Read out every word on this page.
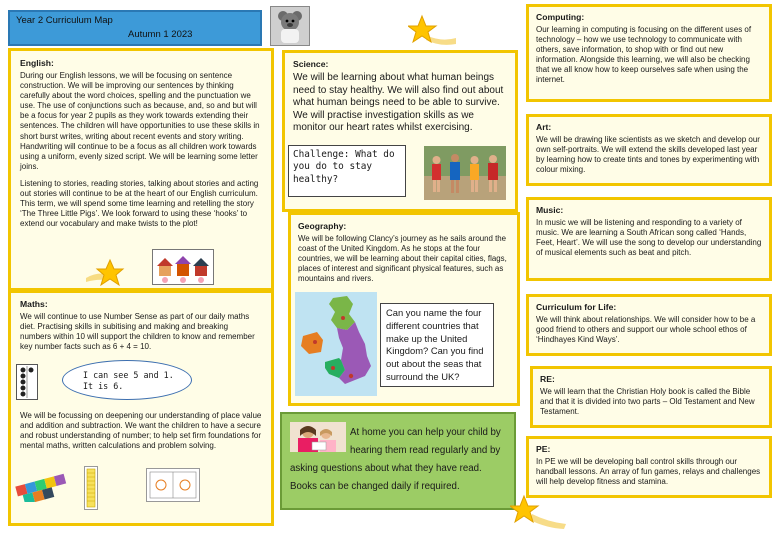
Year 2 Curriculum Map
Autumn 1 2023

English:

During our English lessons, we will be focusing on sentence construction. We will be improving our sentences by thinking carefully about the word choices, spelling and the punctuation we use. The use of conjunctions such as because, and, so and but will be a focus for year 2 pupils as they work towards extending their sentences. The children will have opportunities to use these skills in short burst writes, writing about recent events and story writing. Handwriting will continue to be a focus as all children work towards using a uniform, evenly sized script. We will be learning some letter joins.

Listening to stories, reading stories, talking about stories and acting out stories will continue to be at the heart of our English curriculum. This term, we will spend some time learning and retelling the story ‘The Three Little Pigs’. We look forward to using these ‘hooks’ to extend our vocabulary and make twists to the plot!

Maths:

We will continue to use Number Sense as part of our daily maths diet. Practising skills in subitising and making and breaking numbers within 10 will support the children to know and remember key number facts such as 6 + 4 = 10.

We will be focussing on deepening our understanding of place value and addition and subtraction. We want the children to have a secure and robust understanding of number; to help set firm foundations for mental maths, written calculations and problem solving.

I can see 5 and 1. It is 6.

Science:

We will be learning about what human beings need to stay healthy. We will also find out about what human beings need to be able to survive. We will practise investigation skills as we monitor our heart rates whilst exercising.

Challenge: What do you do to stay healthy?

Geography:

We will be following Clancy’s journey as he sails around the coast of the United Kingdom. As he stops at the four countries, we will be learning about their capital cities, flags, places of interest and significant physical features, such as mountains and rivers.

Can you name the four different countries that make up the United Kingdom? Can you find out about the seas that surround the UK?
At home you can help your child by hearing them read regularly and by asking questions about what they have read. Books can be changed daily if required.

Computing:

Our learning in computing is focusing on the different uses of technology – how we use technology to communicate with others, save information, to shop with or find out new information. Alongside this learning, we will also be checking that we all know how to keep ourselves safe when using the internet.

Art:

We will be drawing like scientists as we sketch and develop our own self-portraits. We will extend the skills developed last year by learning how to create tints and tones by experimenting with colour mixing.

Music:

In music we will be listening and responding to a variety of music. We are learning a South African song called ‘Hands, Feet, Heart’. We will use the song to develop our understanding of musical elements such as beat and pitch.

Curriculum for Life:

We will think about relationships. We will consider how to be a good friend to others and support our whole school ethos of ‘Hindhayes Kind Ways’.

RE:

We will learn that the Christian Holy book is called the Bible and that it is divided into two parts – Old Testament and New Testament.

PE:

In PE we will be developing ball control skills through our handball lessons. An array of fun games, relays and challenges will help develop fitness and stamina.
